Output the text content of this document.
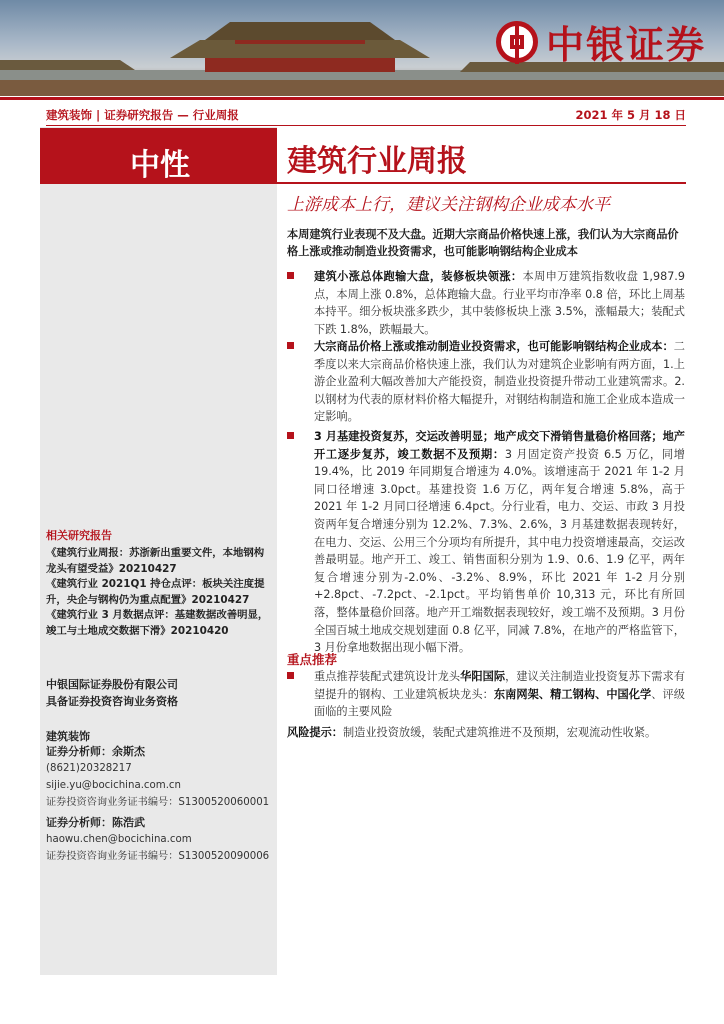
中银证券
建筑装饰 | 证券研究报告 — 行业周报	2021 年 5 月 18 日
中性	建筑行业周报
上游成本上行，建议关注钢构企业成本水平
本周建筑行业表现不及大盘。近期大宗商品价格快速上涨，我们认为大宗商品价格上涨或推动制造业投资需求，也可能影响钢结构企业成本
建筑小涨总体跑输大盘，装修板块领涨：本周申万建筑指数收盘 1,987.9 点，本周上涨 0.8%，总体跑输大盘。行业平均市净率 0.8 倍，环比上周基本持平。细分板块涨多跌少，其中装修板块上涨 3.5%，涨幅最大；装配式下跌 1.8%，跌幅最大。
大宗商品价格上涨或推动制造业投资需求，也可能影响钢结构企业成本：二季度以来大宗商品价格快速上涨，我们认为对建筑企业影响有两方面，1.上游企业盈利大幅改善加大产能投资，制造业投资提升带动工业建筑需求。2.以钢材为代表的原材料价格大幅提升，对钢结构制造和施工企业成本造成一定影响。
3 月基建投资复苏，交运改善明显；地产成交下滑销售量稳价格回落；地产开工逐步复苏，竣工数据不及预期：3 月固定资产投资 6.5 万亿，同增 19.4%，比 2019 年同期复合增速为 4.0%。该增速高于 2021 年 1-2 月同口径增速 3.0pct。基建投资 1.6 万亿，两年复合增速 5.8%，高于 2021 年 1-2 月同口径增速 6.4pct。分行业看，电力、交运、市政 3 月投资两年复合增速分别为 12.2%、7.3%、2.6%，3 月基建数据表现转好，在电力、交运、公用三个分项均有所提升，其中电力投资增速最高，交运改善最明显。地产开工、竣工、销售面积分别为 1.9、0.6、1.9 亿平，两年复合增速分别为-2.0%、-3.2%、8.9%，环比 2021 年 1-2 月分别+2.8pct、-7.2pct、-2.1pct。平均销售单价 10,313 元，环比有所回落，整体量稳价回落。地产开工端数据表现较好，竣工端不及预期。3 月份全国百城土地成交规划建面 0.8 亿平，同减 7.8%，在地产的严格监管下，3 月份拿地数据出现小幅下滑。
重点推荐
重点推荐装配式建筑设计龙头华阳国际，建议关注制造业投资复苏下需求有望提升的钢构、工业建筑板块龙头：东南网架、精工钢构、中国化学、评级面临的主要风险
风险提示：制造业投资放缓，装配式建筑推进不及预期，宏观流动性收紧。
相关研究报告
《建筑行业周报：苏浙新出重要文件，本地钢构龙头有望受益》20210427
《建筑行业 2021Q1 持仓点评：板块关注度提升，央企与钢构仍为重点配置》20210427
《建筑行业 3 月数据点评：基建数据改善明显，竣工与土地成交数据下滑》20210420
中银国际证券股份有限公司
具备证券投资咨询业务资格
建筑装饰
证券分析师：余斯杰
(8621)20328217
sijie.yu@bocichina.com.cn
证券投资咨询业务证书编号：S1300520060001
证券分析师：陈浩武
haowu.chen@bocichina.com
证券投资咨询业务证书编号：S1300520090006
